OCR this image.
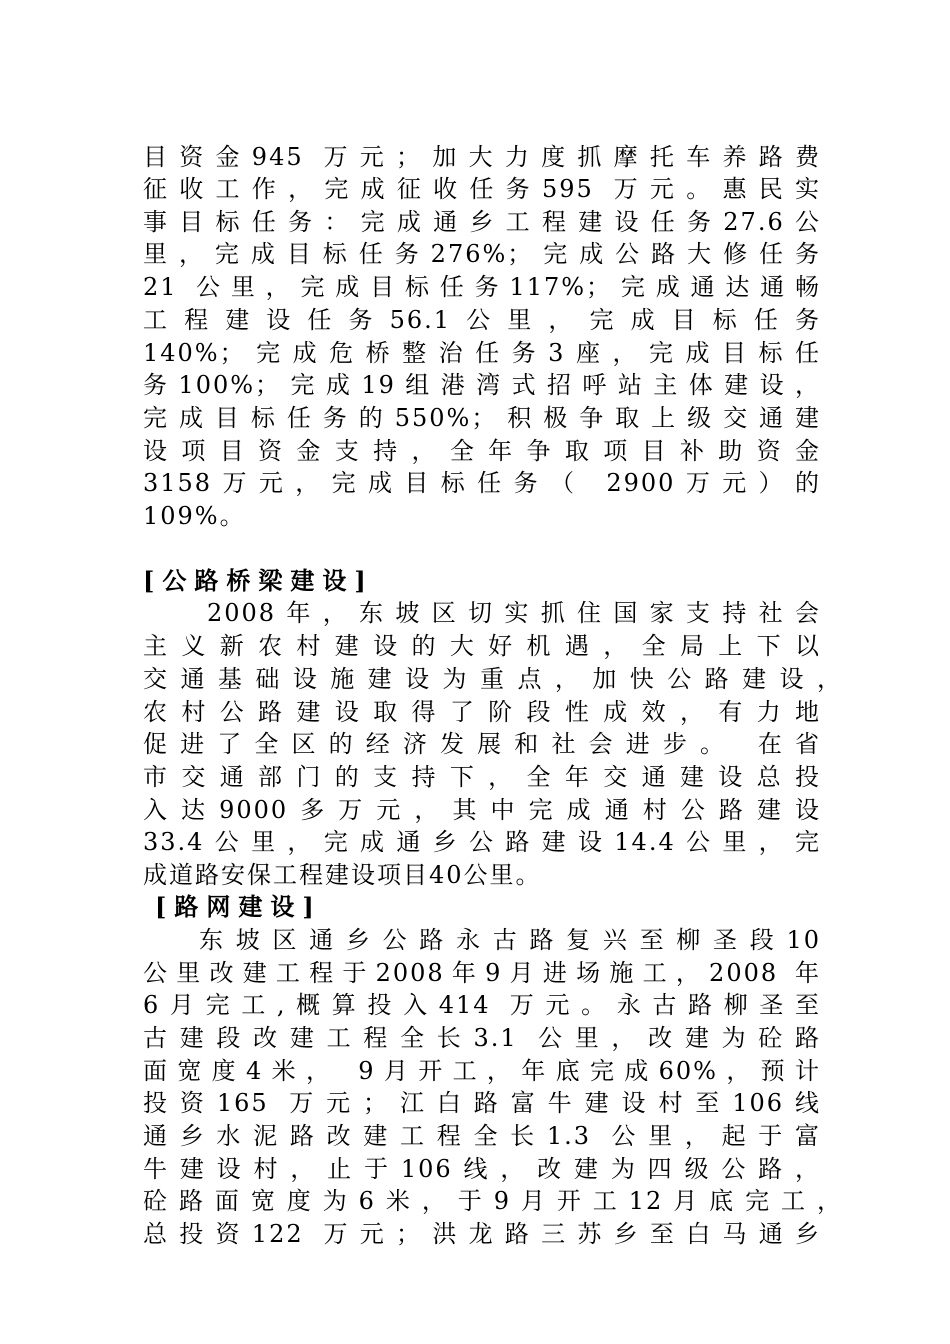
目资金945 万元；加大力度抓摩托车养路费
征收工作，完成征收任务595 万元。惠民实
事目标任务：完成通乡工程建设任务27.6公
里，完成目标任务276%；完成公路大修任务
21 公里，完成目标任务117%；完成通达通畅
工程建设任务56.1公里，完成目标任务
140%；完成危桥整治任务3座，完成目标任
务100%；完成19组港湾式招呼站主体建设，
完成目标任务的550%；积极争取上级交通建
设项目资金支持，全年争取项目补助资金
3158万元，完成目标任务（ 2900万元）的
109%。
[公路桥梁建设]
2008年，东坡区切实抓住国家支持社会
主义新农村建设的大好机遇，全局上下以
交通基础设施建设为重点，加快公路建设，
农村公路建设取得了阶段性成效，有力地
促进了全区的经济发展和社会进步。 在省
市交通部门的支持下，全年交通建设总投
入达9000多万元，其中完成通村公路建设
33.4公里，完成通乡公路建设14.4公里，完
成道路安保工程建设项目40公里。
[路网建设]
东坡区通乡公路永古路复兴至柳圣段10
公里改建工程于2008年9月进场施工，2008 年
6月完工,概算投入414 万元。永古路柳圣至
古建段改建工程全长3.1 公里，改建为砼路
面宽度4米， 9月开工，年底完成60%，预计
投资165 万元；江白路富牛建设村至106线
通乡水泥路改建工程全长1.3 公里，起于富
牛建设村，止于106线，改建为四级公路，
砼路面宽度为6米，于9月开工12月底完工，
总投资122 万元；洪龙路三苏乡至白马通乡
